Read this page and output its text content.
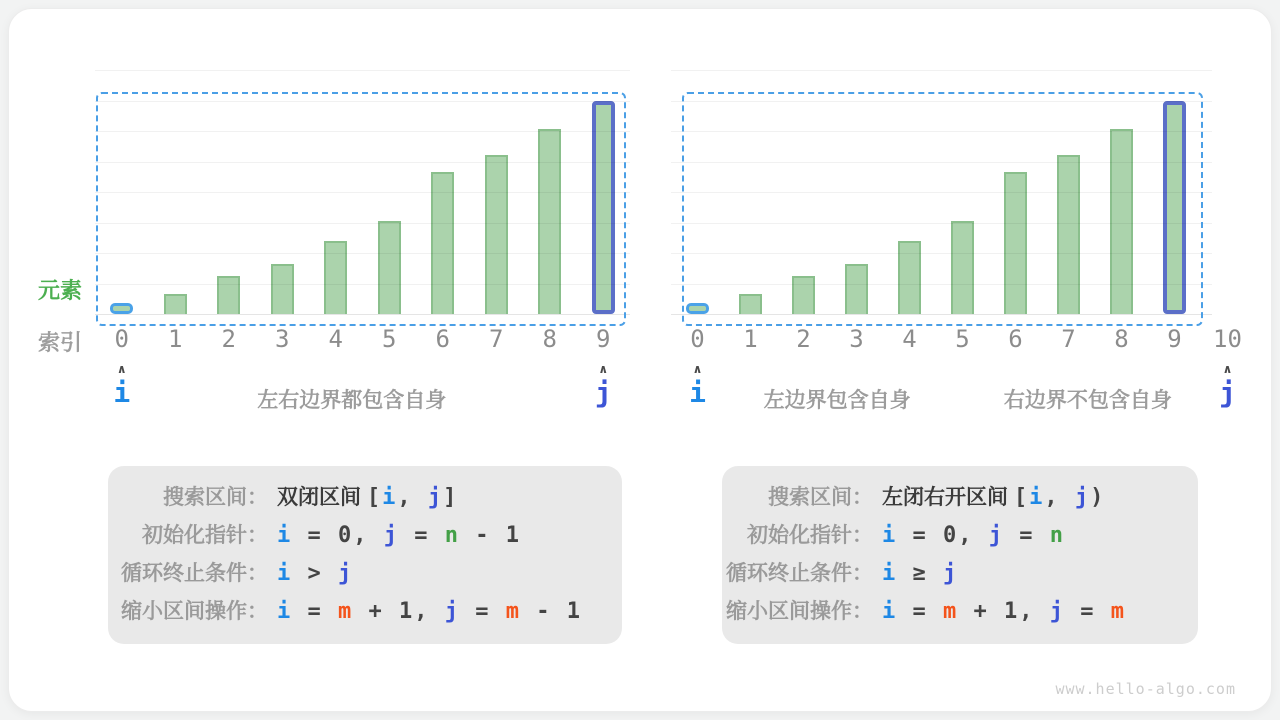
元素
索引	0	1	2	3	4	5	6	7	8	9
∧
i
∧
j
左右边界都包含自身
搜索区间： 双闭区间 [i, j]
初始化指针： i = 0, j = n - 1
循环终止条件： i > j
缩小区间操作： i = m + 1, j = m - 1
0	1	2	3	4	5	6	7	8	9	10
∧
i
∧
j
左边界包含自身	右边界不包含自身
搜索区间： 左闭右开区间 [i, j)
初始化指针： i = 0, j = n
循环终止条件： i ≥ j
缩小区间操作： i = m + 1, j = m
www.hello-algo.com
